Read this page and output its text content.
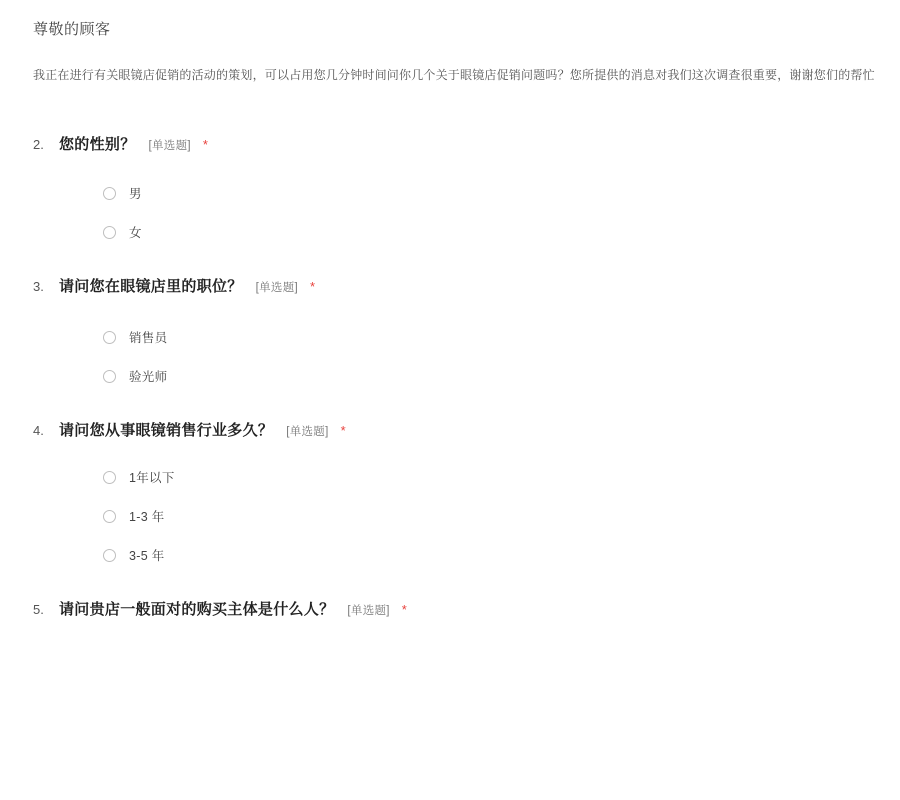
尊敬的顾客

我正在进行有关眼镜店促销的活动的策划，可以占用您几分钟时间问你几个关于眼镜店促销问题吗？您所提供的消息对我们这次调查很重要，谢谢您们的帮忙

2.	您的性别？ [单选题] *
男
女
3.	请问您在眼镜店里的职位？ [单选题] *
销售员
验光师
4.	请问您从事眼镜销售行业多久？ [单选题] *
1年以下
1-3 年
3-5 年
5.	请问贵店一般面对的购买主体是什么人？ [单选题] *
